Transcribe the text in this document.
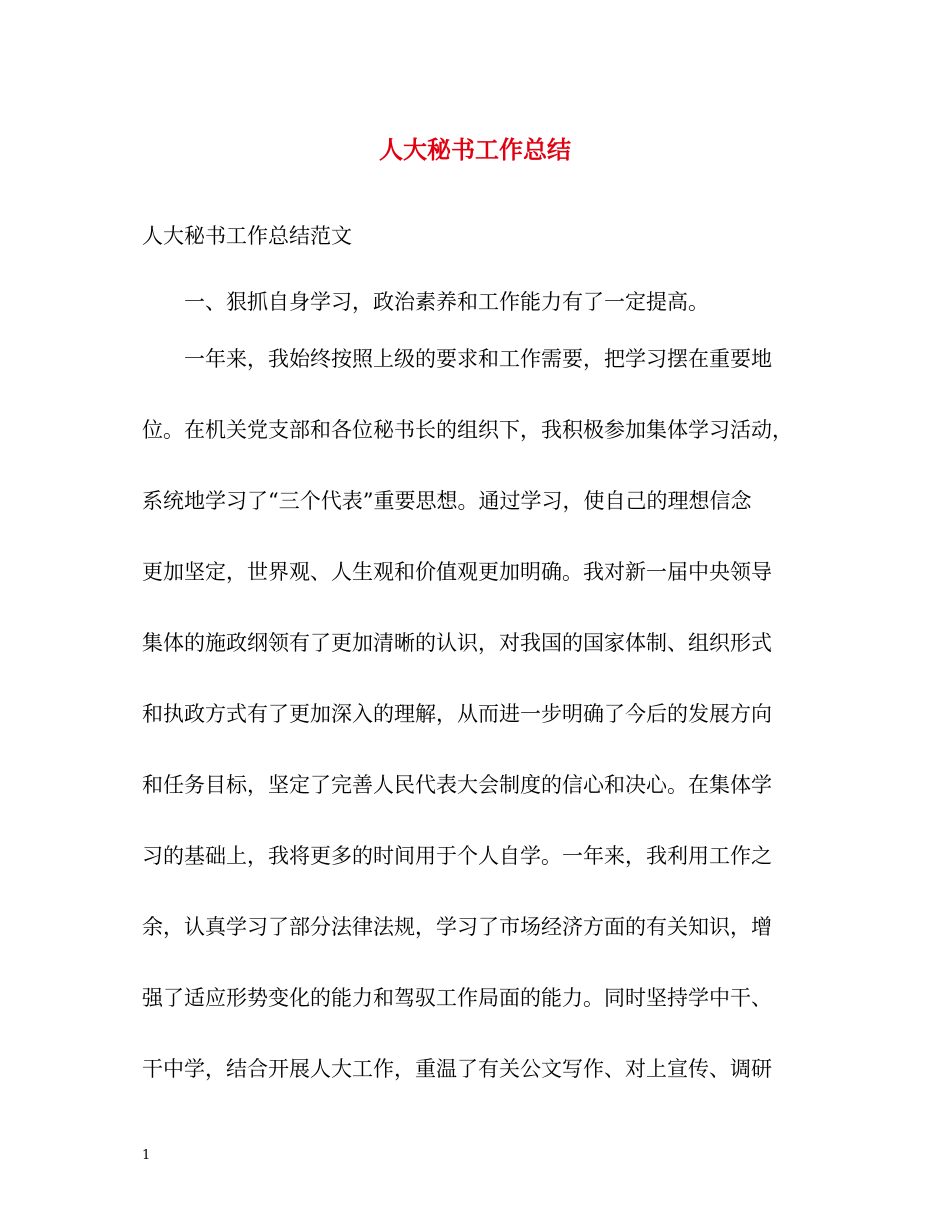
人大秘书工作总结

人大秘书工作总结范文

一、狠抓自身学习，政治素养和工作能力有了一定提高。

一年来，我始终按照上级的要求和工作需要，把学习摆在重要地

位。在机关党支部和各位秘书长的组织下，我积极参加集体学习活动，

系统地学习了“三个代表”重要思想。通过学习，使自己的理想信念

更加坚定，世界观、人生观和价值观更加明确。我对新一届中央领导

集体的施政纲领有了更加清晰的认识，对我国的国家体制、组织形式

和执政方式有了更加深入的理解，从而进一步明确了今后的发展方向

和任务目标，坚定了完善人民代表大会制度的信心和决心。在集体学

习的基础上，我将更多的时间用于个人自学。一年来，我利用工作之

余，认真学习了部分法律法规，学习了市场经济方面的有关知识，增

强了适应形势变化的能力和驾驭工作局面的能力。同时坚持学中干、

干中学，结合开展人大工作，重温了有关公文写作、对上宣传、调研

1
